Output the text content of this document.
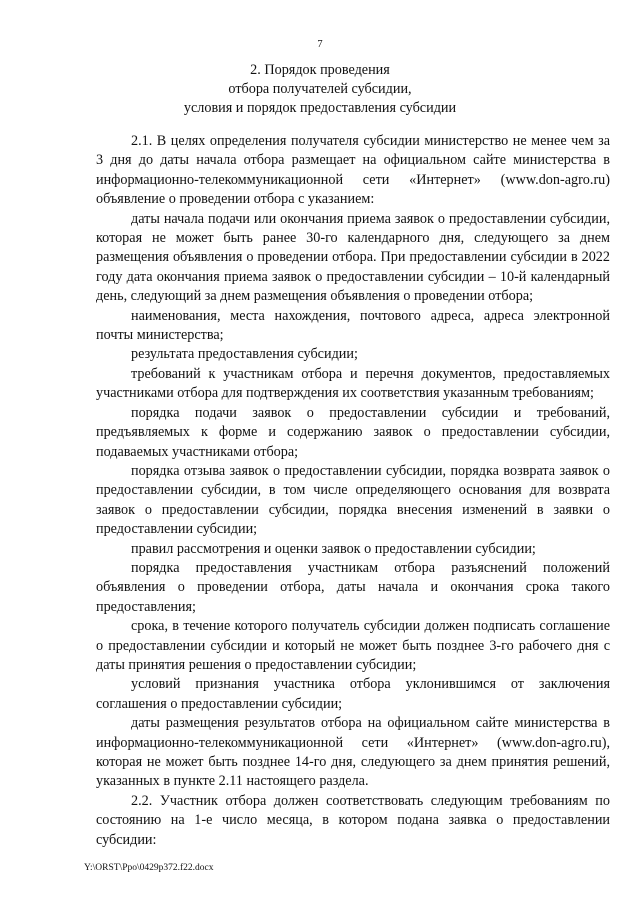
7
2. Порядок проведения
отбора получателей субсидии,
условия и порядок предоставления субсидии

2.1. В целях определения получателя субсидии министерство не менее чем за 3 дня до даты начала отбора размещает на официальном сайте министерства в информационно-телекоммуникационной сети «Интернет» (www.don-agro.ru) объявление о проведении отбора с указанием:

даты начала подачи или окончания приема заявок о предоставлении субсидии, которая не может быть ранее 30-го календарного дня, следующего за днем размещения объявления о проведении отбора. При предоставлении субсидии в 2022 году дата окончания приема заявок о предоставлении субсидии – 10-й календарный день, следующий за днем размещения объявления о проведении отбора;

наименования, места нахождения, почтового адреса, адреса электронной почты министерства;

результата предоставления субсидии;

требований к участникам отбора и перечня документов, предоставляемых участниками отбора для подтверждения их соответствия указанным требованиям;

порядка подачи заявок о предоставлении субсидии и требований, предъявляемых к форме и содержанию заявок о предоставлении субсидии, подаваемых участниками отбора;

порядка отзыва заявок о предоставлении субсидии, порядка возврата заявок о предоставлении субсидии, в том числе определяющего основания для возврата заявок о предоставлении субсидии, порядка внесения изменений в заявки о предоставлении субсидии;

правил рассмотрения и оценки заявок о предоставлении субсидии;

порядка предоставления участникам отбора разъяснений положений объявления о проведении отбора, даты начала и окончания срока такого предоставления;

срока, в течение которого получатель субсидии должен подписать соглашение о предоставлении субсидии и который не может быть позднее 3-го рабочего дня с даты принятия решения о предоставлении субсидии;

условий признания участника отбора уклонившимся от заключения соглашения о предоставлении субсидии;

даты размещения результатов отбора на официальном сайте министерства в информационно-телекоммуникационной сети «Интернет» (www.don-agro.ru), которая не может быть позднее 14-го дня, следующего за днем принятия решений, указанных в пункте 2.11 настоящего раздела.

2.2. Участник отбора должен соответствовать следующим требованиям по состоянию на 1-е число месяца, в котором подана заявка о предоставлении субсидии:

Y:\ORST\Ppo\0429p372.f22.docx
